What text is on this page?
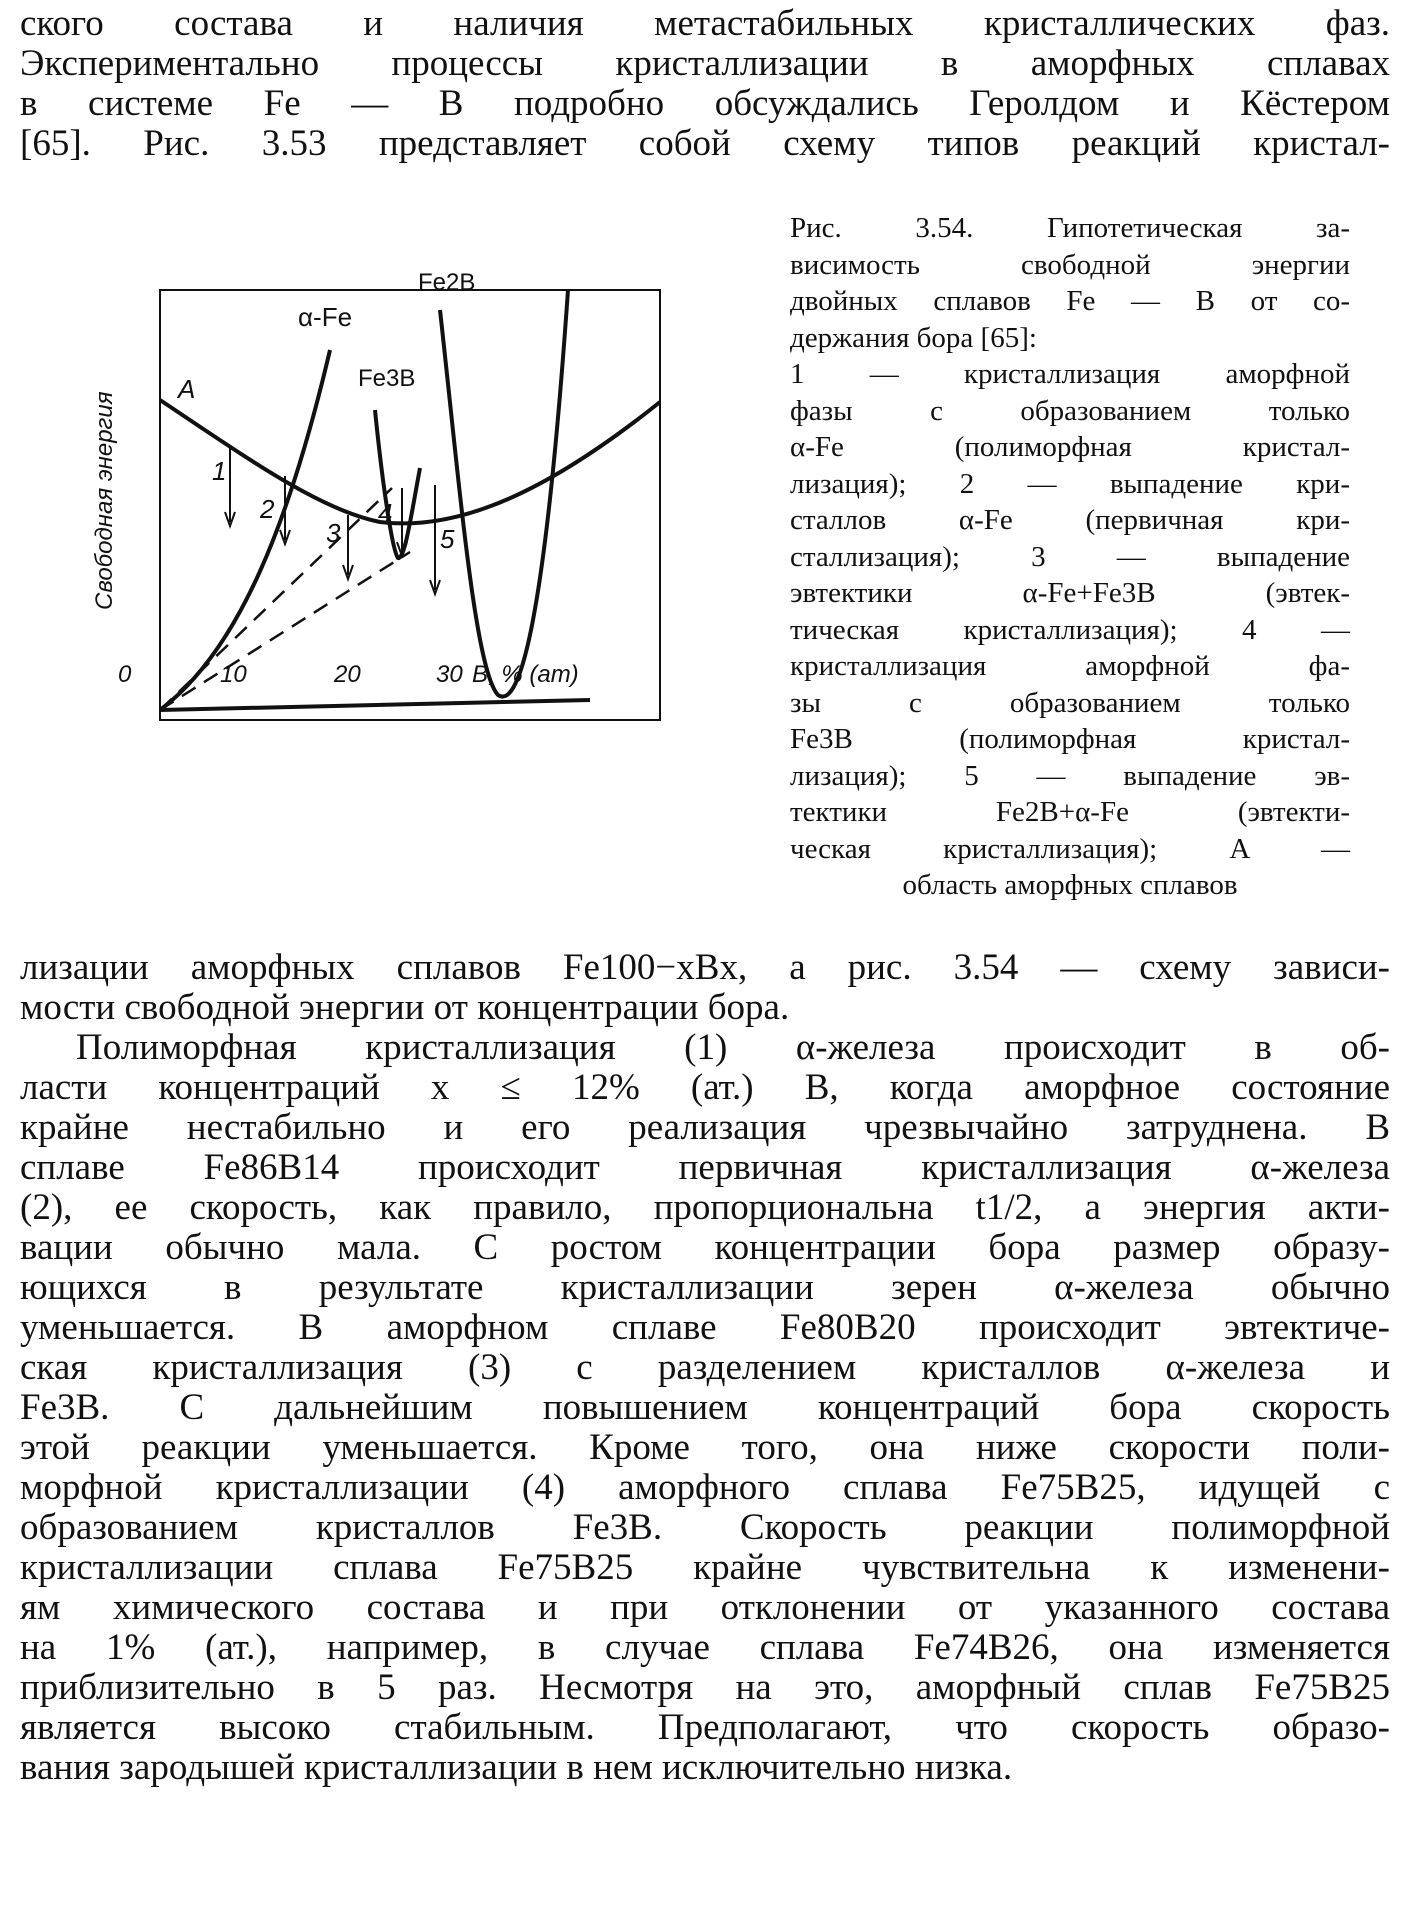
ского состава и наличия метастабильных кристаллических фаз.
Экспериментально процессы кристаллизации в аморфных сплавах
в системе Fe — B подробно обсуждались Геролдом и Кёстером
[65]. Рис. 3.53 представляет собой схему типов реакций кристал-
1
2
3
4
5
A
α-Fe
Fe3B
Fe2B
Свободная энергия
0	10	20	30 B, % (ат)
Рис. 3.54. Гипотетическая за-
висимость свободной энергии
двойных сплавов Fe — B от со-
держания бора [65]:
1 — кристаллизация аморфной
фазы с образованием только
α-Fe (полиморфная кристал-
лизация); 2 — выпадение кри-
сталлов α-Fe (первичная кри-
сталлизация); 3 — выпадение
эвтектики α-Fe+Fe3B (эвтек-
тическая кристаллизация); 4 —
кристаллизация аморфной фа-
зы с образованием только
Fe3B (полиморфная кристал-
лизация); 5 — выпадение эв-
тектики Fe2B+α-Fe (эвтекти-
ческая кристаллизация); A —
область аморфных сплавов
лизации аморфных сплавов Fe100−xBx, а рис. 3.54 — схему зависи-
мости свободной энергии от концентрации бора.
Полиморфная кристаллизация (1) α-железа происходит в об-
ласти концентраций x ≤ 12% (ат.) B, когда аморфное состояние
крайне нестабильно и его реализация чрезвычайно затруднена. В
сплаве Fe86B14 происходит первичная кристаллизация α-железа
(2), ее скорость, как правило, пропорциональна t1/2, а энергия акти-
вации обычно мала. С ростом концентрации бора размер образу-
ющихся в результате кристаллизации зерен α-железа обычно
уменьшается. В аморфном сплаве Fe80B20 происходит эвтектиче-
ская кристаллизация (3) с разделением кристаллов α-железа и
Fe3B. С дальнейшим повышением концентраций бора скорость
этой реакции уменьшается. Кроме того, она ниже скорости поли-
морфной кристаллизации (4) аморфного сплава Fe75B25, идущей с
образованием кристаллов Fe3B. Скорость реакции полиморфной
кристаллизации сплава Fe75B25 крайне чувствительна к изменени-
ям химического состава и при отклонении от указанного состава
на 1% (ат.), например, в случае сплава Fe74B26, она изменяется
приблизительно в 5 раз. Несмотря на это, аморфный сплав Fe75B25
является высоко стабильным. Предполагают, что скорость образо-
вания зародышей кристаллизации в нем исключительно низка.
